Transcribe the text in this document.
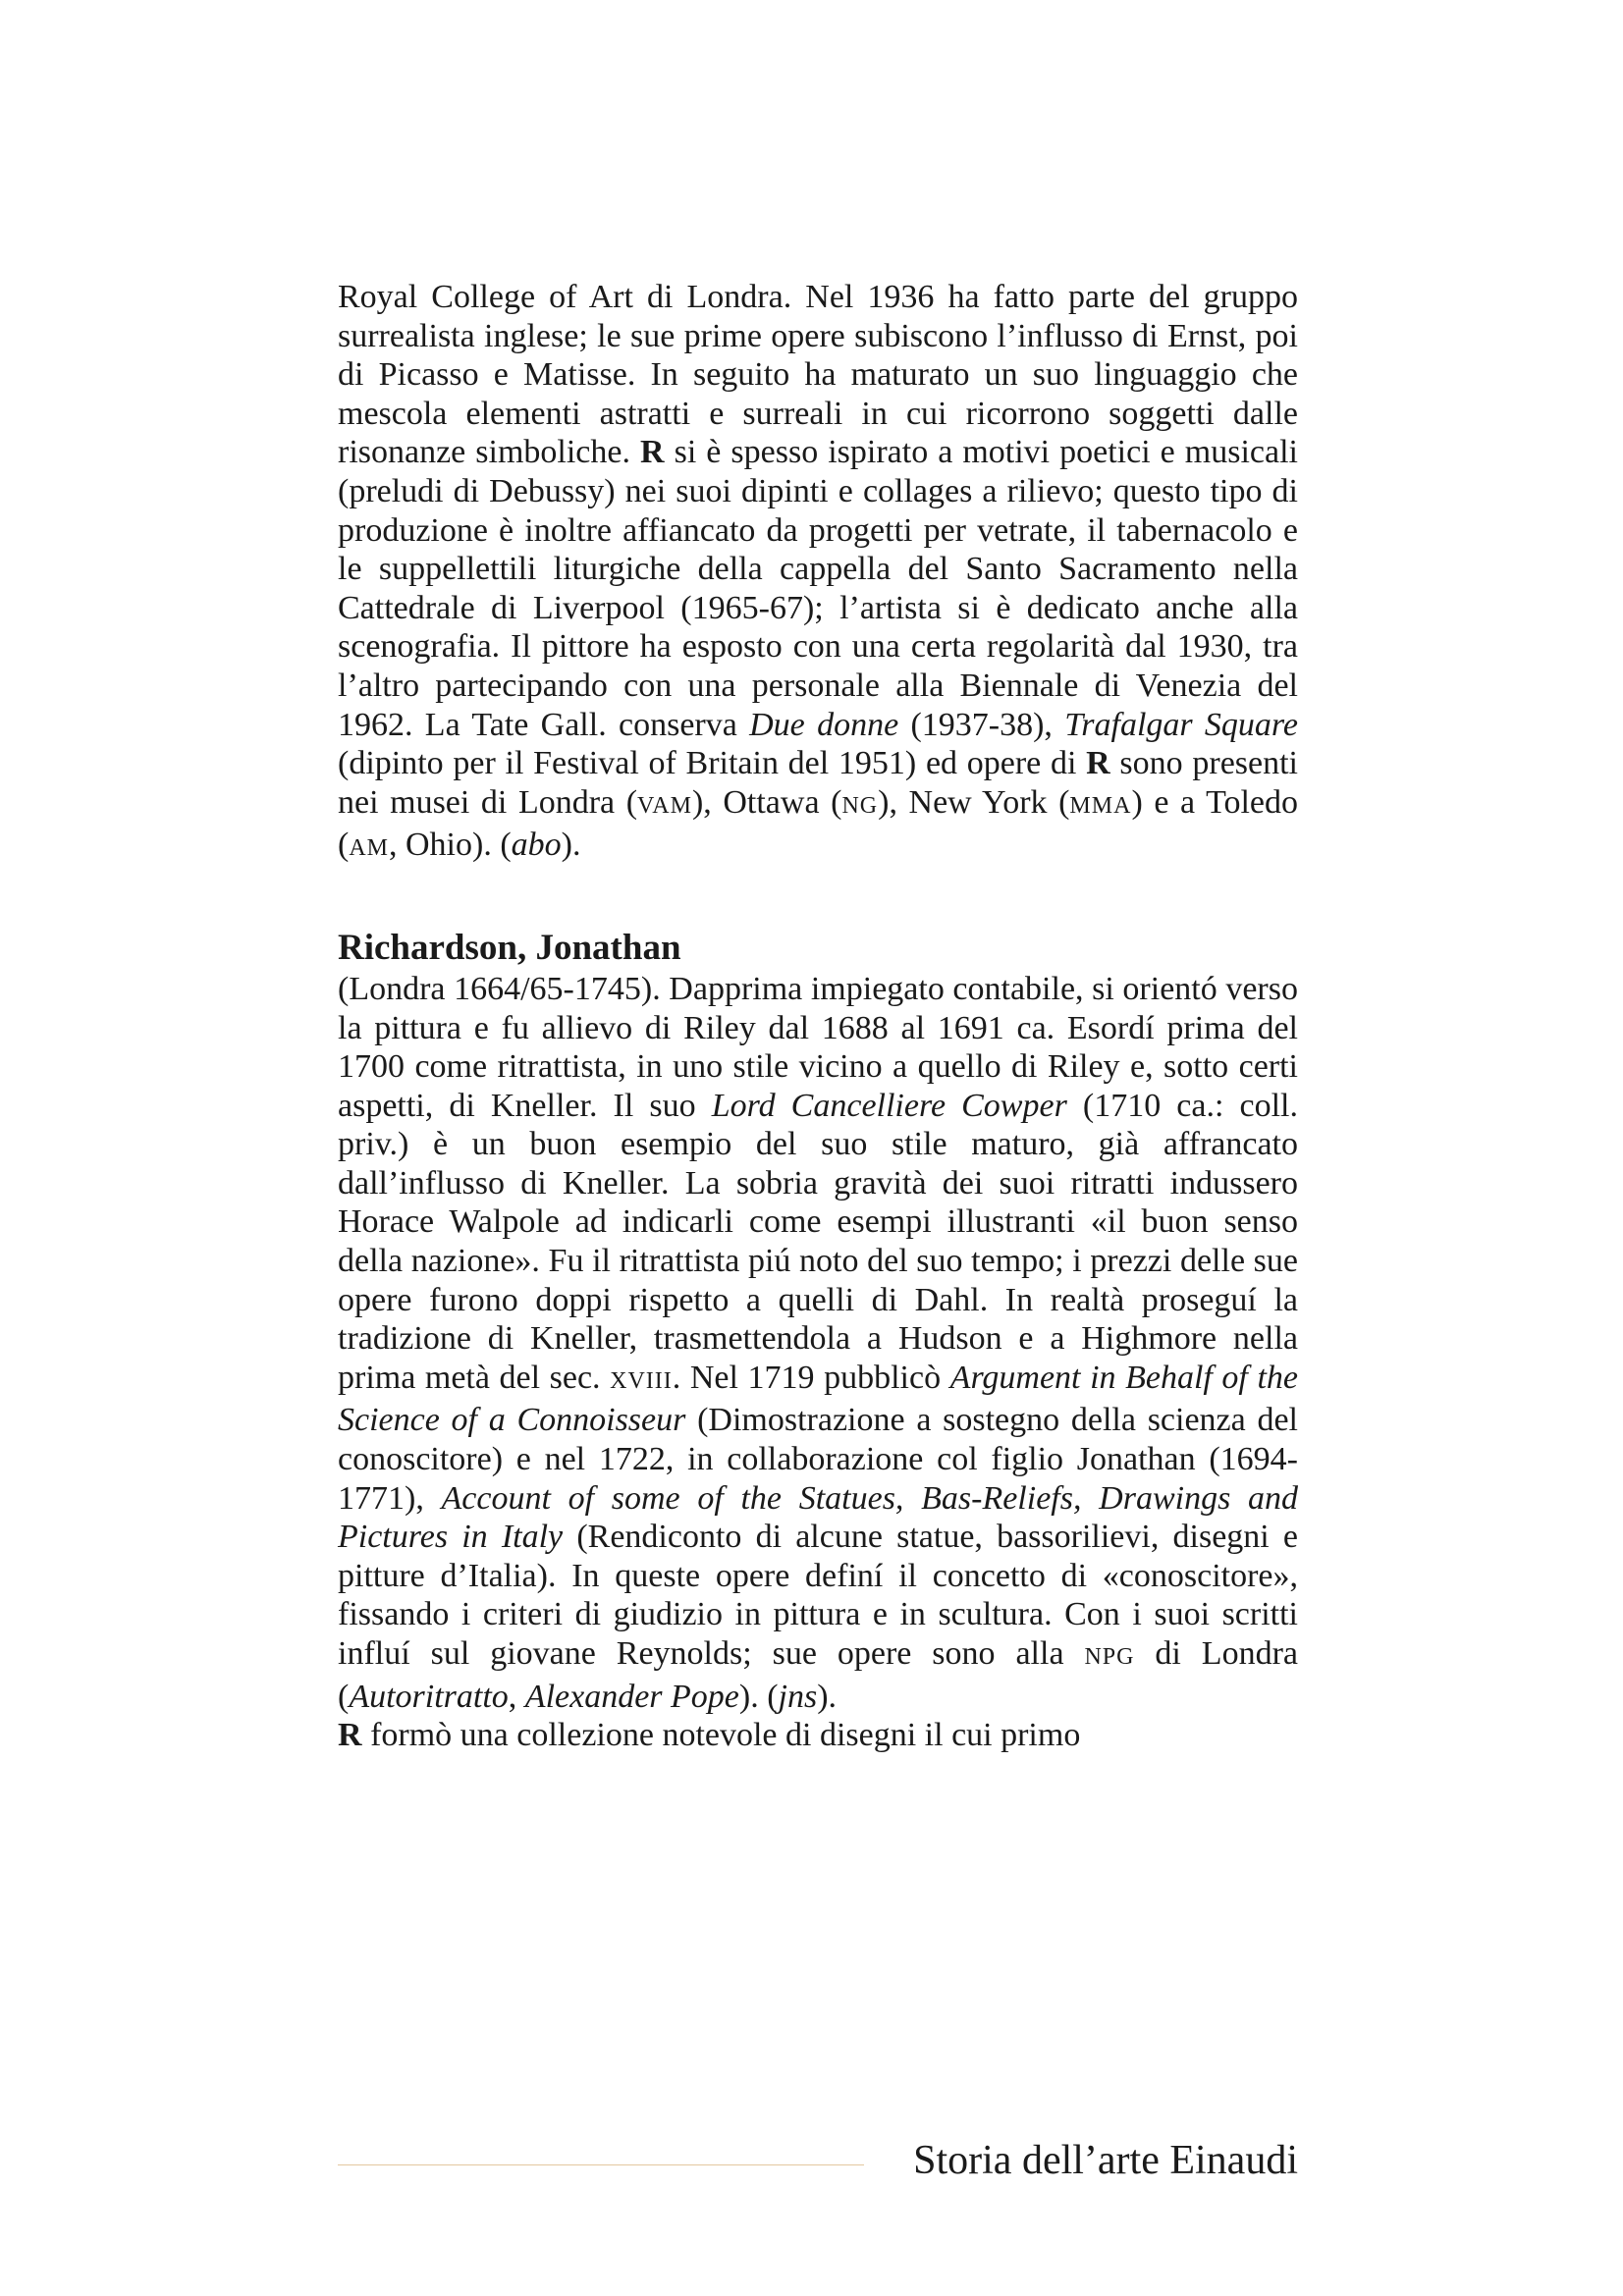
Royal College of Art di Londra. Nel 1936 ha fatto parte del gruppo surrealista inglese; le sue prime opere subiscono l’influsso di Ernst, poi di Picasso e Matisse. In seguito ha maturato un suo linguaggio che mescola elementi astratti e surreali in cui ricorrono soggetti dalle risonanze simboliche. R si è spesso ispirato a motivi poetici e musicali (preludi di Debussy) nei suoi dipinti e collages a rilievo; questo tipo di produzione è inoltre affiancato da progetti per vetrate, il tabernacolo e le suppellettili liturgiche della cappella del Santo Sacramento nella Cattedrale di Liverpool (1965-67); l’artista si è dedicato anche alla scenografia. Il pittore ha esposto con una certa regolarità dal 1930, tra l’altro partecipando con una personale alla Biennale di Venezia del 1962. La Tate Gall. conserva Due donne (1937-38), Trafalgar Square (dipinto per il Festival of Britain del 1951) ed opere di R sono presenti nei musei di Londra (VAM), Ottawa (NG), New York (MMA) e a Toledo (AM, Ohio). (abo).

Richardson, Jonathan

(Londra 1664/65-1745). Dapprima impiegato contabile, si orientó verso la pittura e fu allievo di Riley dal 1688 al 1691 ca. Esordí prima del 1700 come ritrattista, in uno stile vicino a quello di Riley e, sotto certi aspetti, di Kneller. Il suo Lord Cancelliere Cowper (1710 ca.: coll. priv.) è un buon esempio del suo stile maturo, già affrancato dall’influsso di Kneller. La sobria gravità dei suoi ritratti indussero Horace Walpole ad indicarli come esempi illustranti «il buon senso della nazione». Fu il ritrattista piú noto del suo tempo; i prezzi delle sue opere furono doppi rispetto a quelli di Dahl. In realtà proseguí la tradizione di Kneller, trasmettendola a Hudson e a Highmore nella prima metà del sec. XVIII. Nel 1719 pubblicò Argument in Behalf of the Science of a Connoisseur (Dimostrazione a sostegno della scienza del conoscitore) e nel 1722, in collaborazione col figlio Jonathan (1694-1771), Account of some of the Statues, Bas-Reliefs, Drawings and Pictures in Italy (Rendiconto di alcune statue, bassorilievi, disegni e pitture d’Italia). In queste opere definí il concetto di «conoscitore», fissando i criteri di giudizio in pittura e in scultura. Con i suoi scritti influí sul giovane Reynolds; sue opere sono alla NPG di Londra (Autoritratto, Alexander Pope). (jns).

R formò una collezione notevole di disegni il cui primo

Storia dell’arte Einaudi
